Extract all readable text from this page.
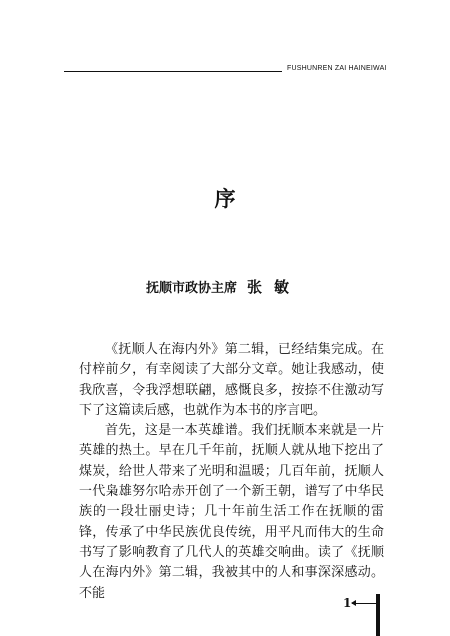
FUSHUNREN ZAI HAINEIWAI
序
抚顺市政协主席 张敏

《抚顺人在海内外》第二辑，已经结集完成。在付梓前夕，有幸阅读了大部分文章。她让我感动，使我欣喜，令我浮想联翩，感慨良多，按捺不住激动写下了这篇读后感，也就作为本书的序言吧。

首先，这是一本英雄谱。我们抚顺本来就是一片英雄的热土。早在几千年前，抚顺人就从地下挖出了煤炭，给世人带来了光明和温暖；几百年前，抚顺人一代枭雄努尔哈赤开创了一个新王朝，谱写了中华民族的一段壮丽史诗；几十年前生活工作在抚顺的雷锋，传承了中华民族优良传统，用平凡而伟大的生命书写了影响教育了几代人的英雄交响曲。读了《抚顺人在海内外》第二辑，我被其中的人和事深深感动。不能

1
